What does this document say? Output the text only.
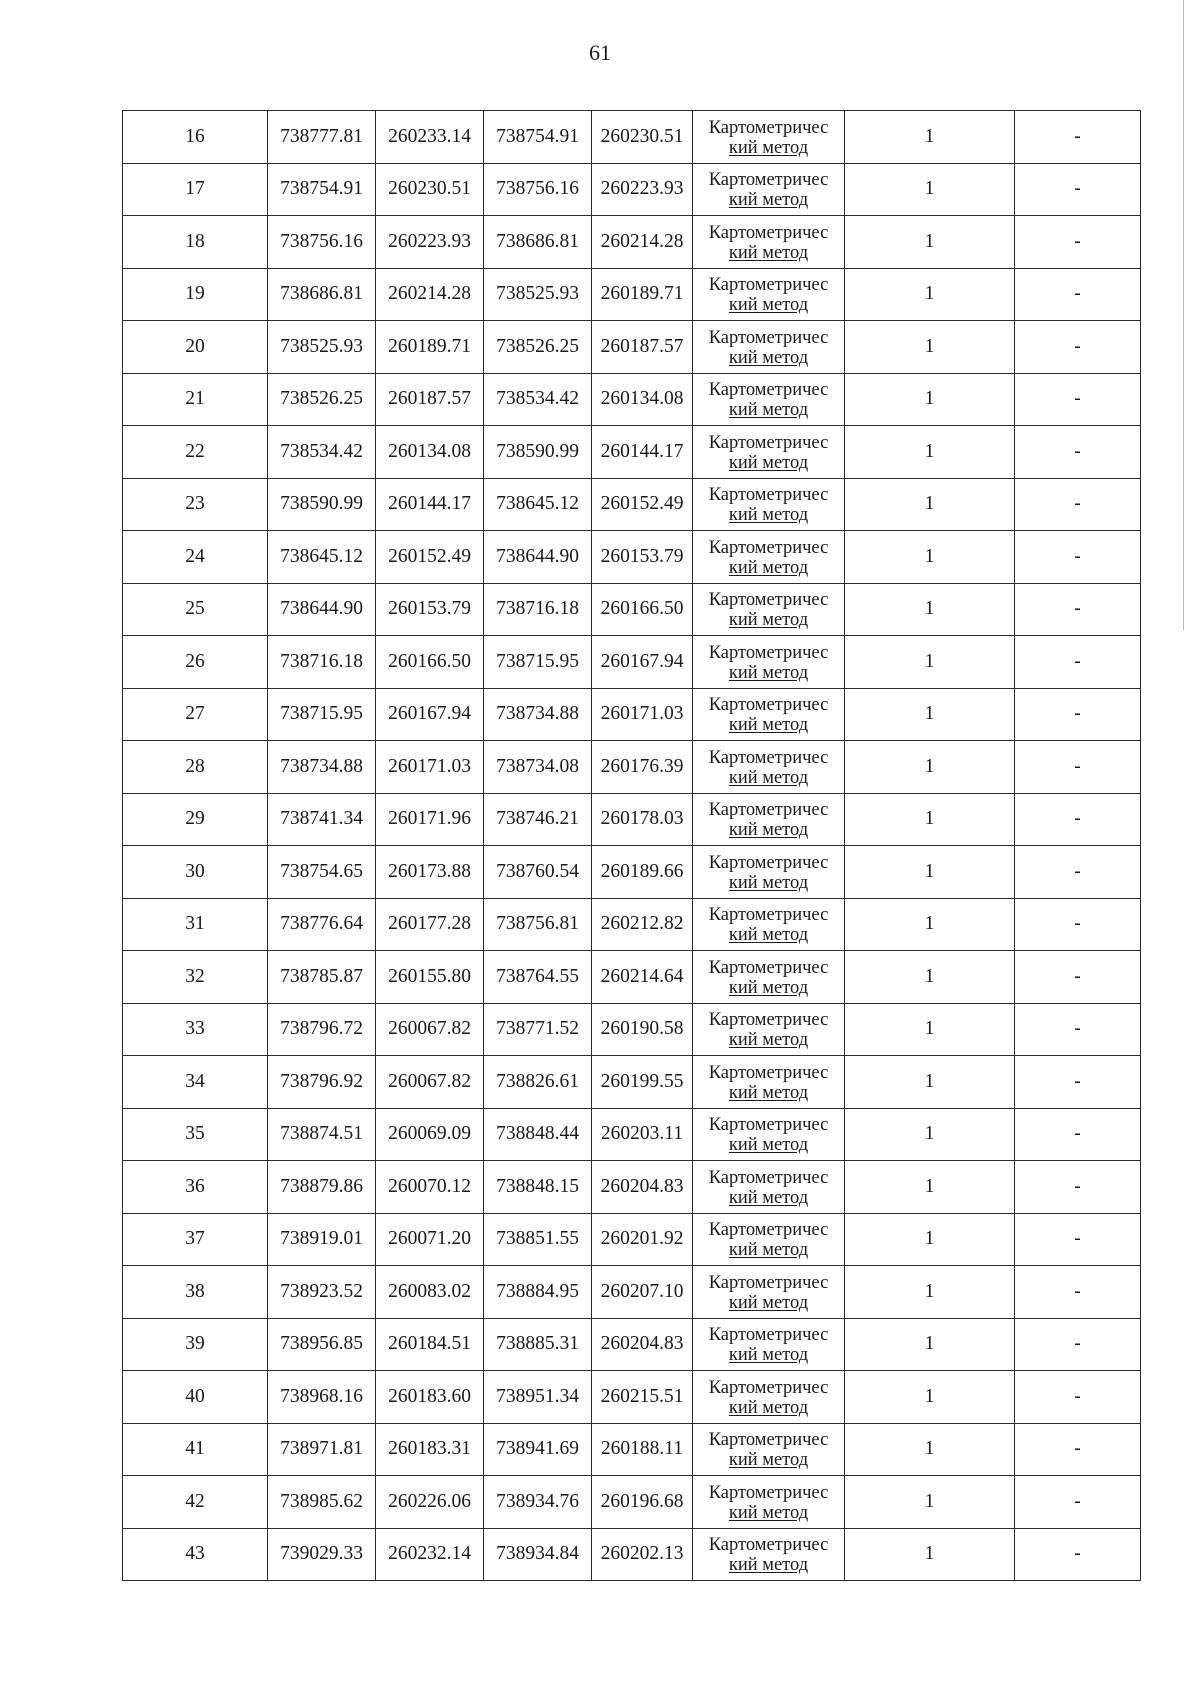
61
16	738777.81	260233.14	738754.91	260230.51	Картометричес
кий метод	1	-
17	738754.91	260230.51	738756.16	260223.93	Картометричес
кий метод	1	-
18	738756.16	260223.93	738686.81	260214.28	Картометричес
кий метод	1	-
19	738686.81	260214.28	738525.93	260189.71	Картометричес
кий метод	1	-
20	738525.93	260189.71	738526.25	260187.57	Картометричес
кий метод	1	-
21	738526.25	260187.57	738534.42	260134.08	Картометричес
кий метод	1	-
22	738534.42	260134.08	738590.99	260144.17	Картометричес
кий метод	1	-
23	738590.99	260144.17	738645.12	260152.49	Картометричес
кий метод	1	-
24	738645.12	260152.49	738644.90	260153.79	Картометричес
кий метод	1	-
25	738644.90	260153.79	738716.18	260166.50	Картометричес
кий метод	1	-
26	738716.18	260166.50	738715.95	260167.94	Картометричес
кий метод	1	-
27	738715.95	260167.94	738734.88	260171.03	Картометричес
кий метод	1	-
28	738734.88	260171.03	738734.08	260176.39	Картометричес
кий метод	1	-
29	738741.34	260171.96	738746.21	260178.03	Картометричес
кий метод	1	-
30	738754.65	260173.88	738760.54	260189.66	Картометричес
кий метод	1	-
31	738776.64	260177.28	738756.81	260212.82	Картометричес
кий метод	1	-
32	738785.87	260155.80	738764.55	260214.64	Картометричес
кий метод	1	-
33	738796.72	260067.82	738771.52	260190.58	Картометричес
кий метод	1	-
34	738796.92	260067.82	738826.61	260199.55	Картометричес
кий метод	1	-
35	738874.51	260069.09	738848.44	260203.11	Картометричес
кий метод	1	-
36	738879.86	260070.12	738848.15	260204.83	Картометричес
кий метод	1	-
37	738919.01	260071.20	738851.55	260201.92	Картометричес
кий метод	1	-
38	738923.52	260083.02	738884.95	260207.10	Картометричес
кий метод	1	-
39	738956.85	260184.51	738885.31	260204.83	Картометричес
кий метод	1	-
40	738968.16	260183.60	738951.34	260215.51	Картометричес
кий метод	1	-
41	738971.81	260183.31	738941.69	260188.11	Картометричес
кий метод	1	-
42	738985.62	260226.06	738934.76	260196.68	Картометричес
кий метод	1	-
43	739029.33	260232.14	738934.84	260202.13	Картометричес
кий метод	1	-
